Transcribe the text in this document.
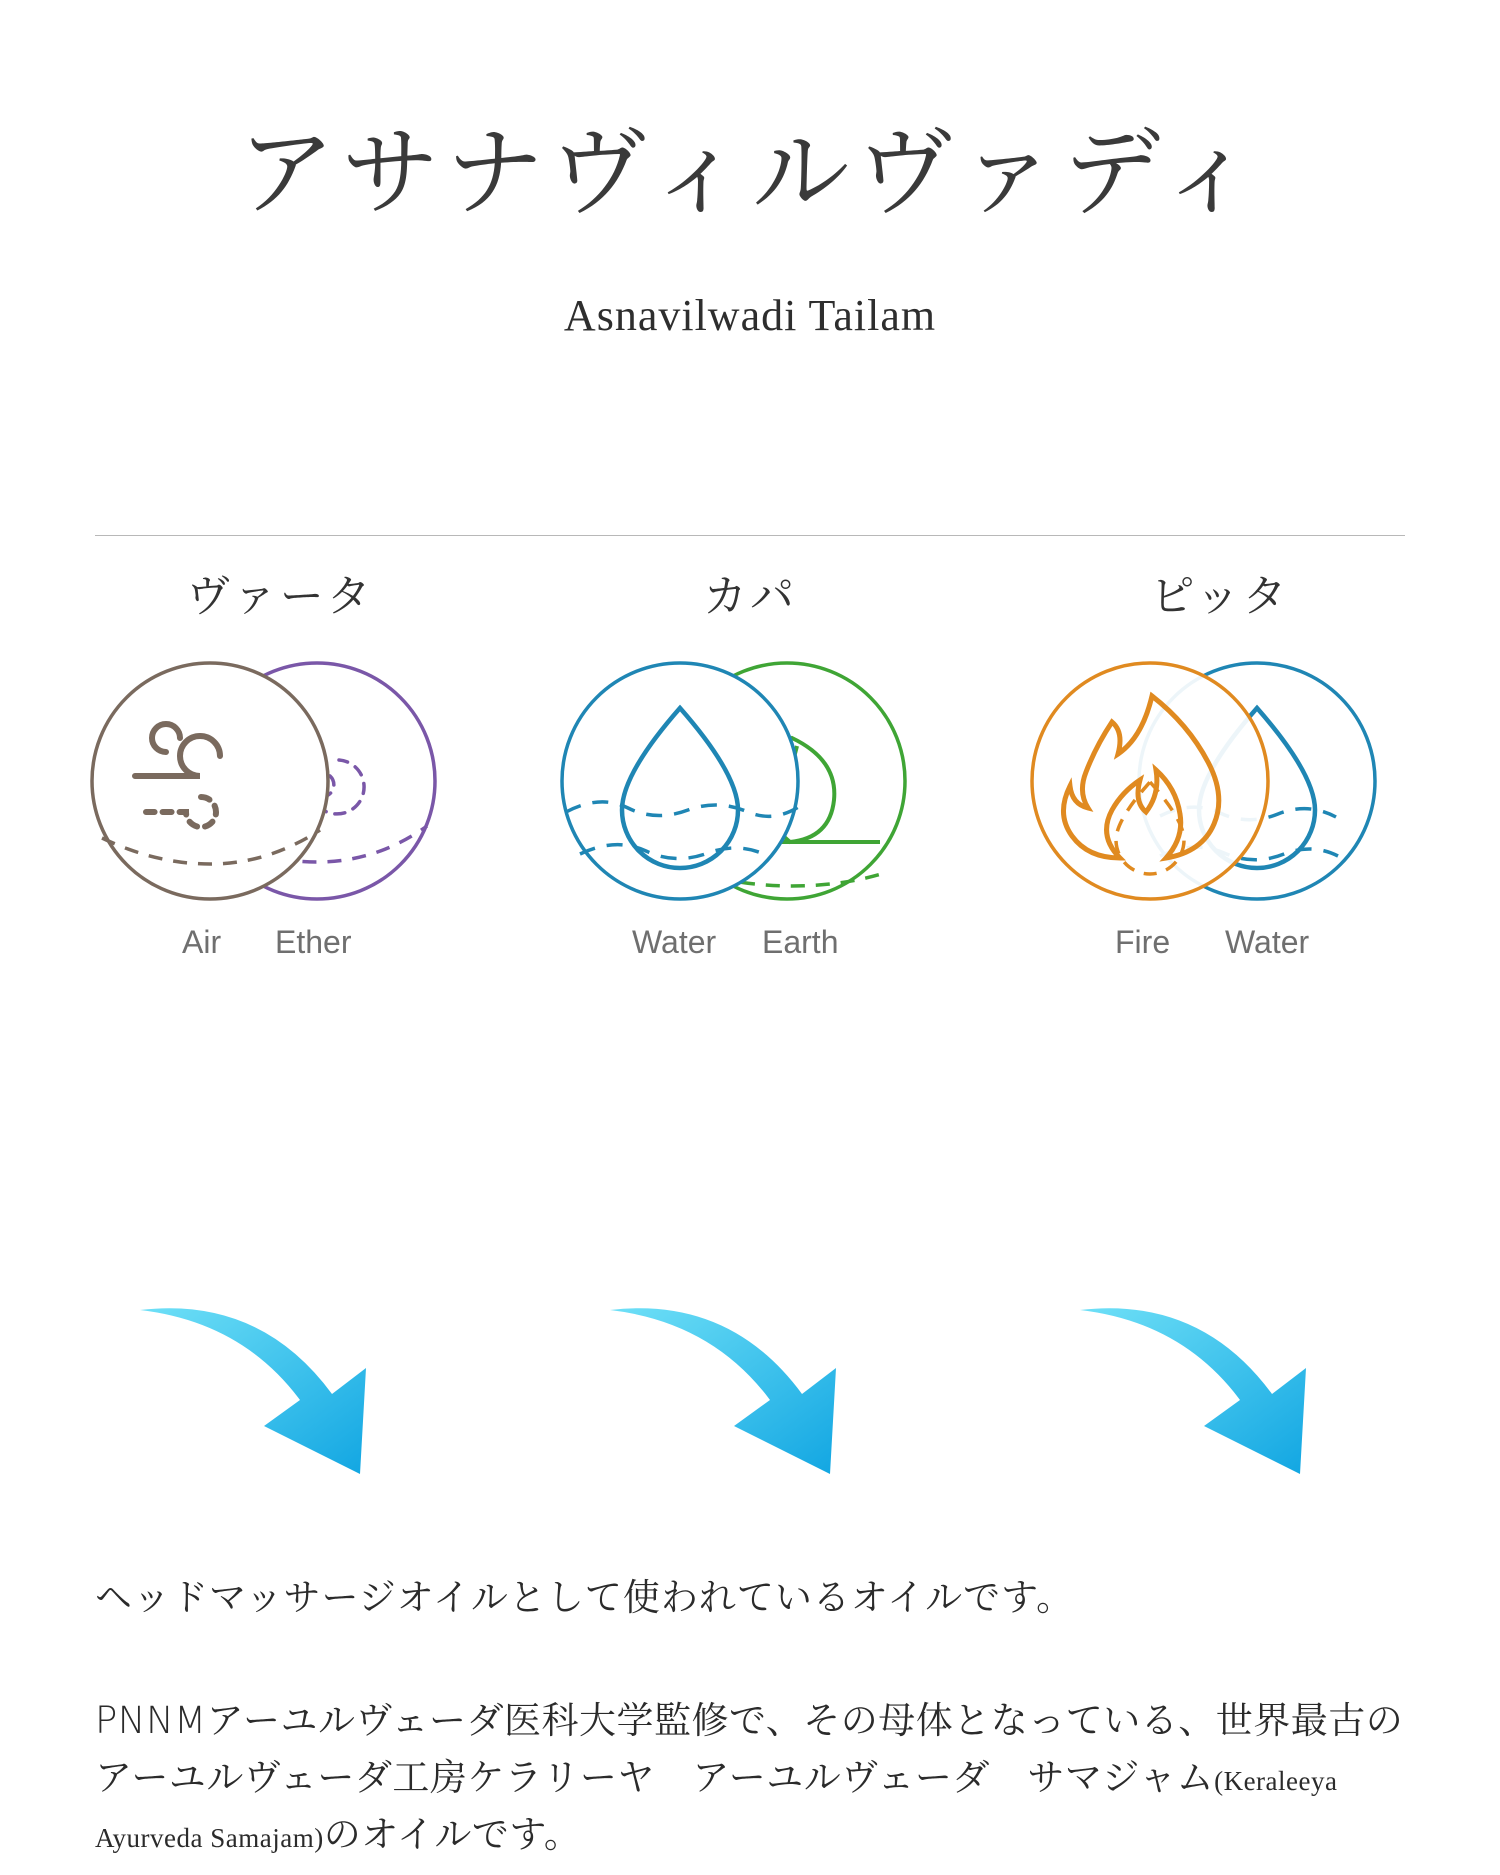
アサナヴィルヴァディ
Asnavilwadi Tailam
ヴァータ
Air Ether
カパ
Water Earth
ピッタ
Fire Water

ヘッドマッサージオイルとして使われているオイルです。

PNNMアーユルヴェーダ医科大学監修で、その母体となっている、世界最古のアーユルヴェーダ工房ケラリーヤ　アーユルヴェーダ　サマジャム(Keraleeya Ayurveda Samajam)のオイルです。
